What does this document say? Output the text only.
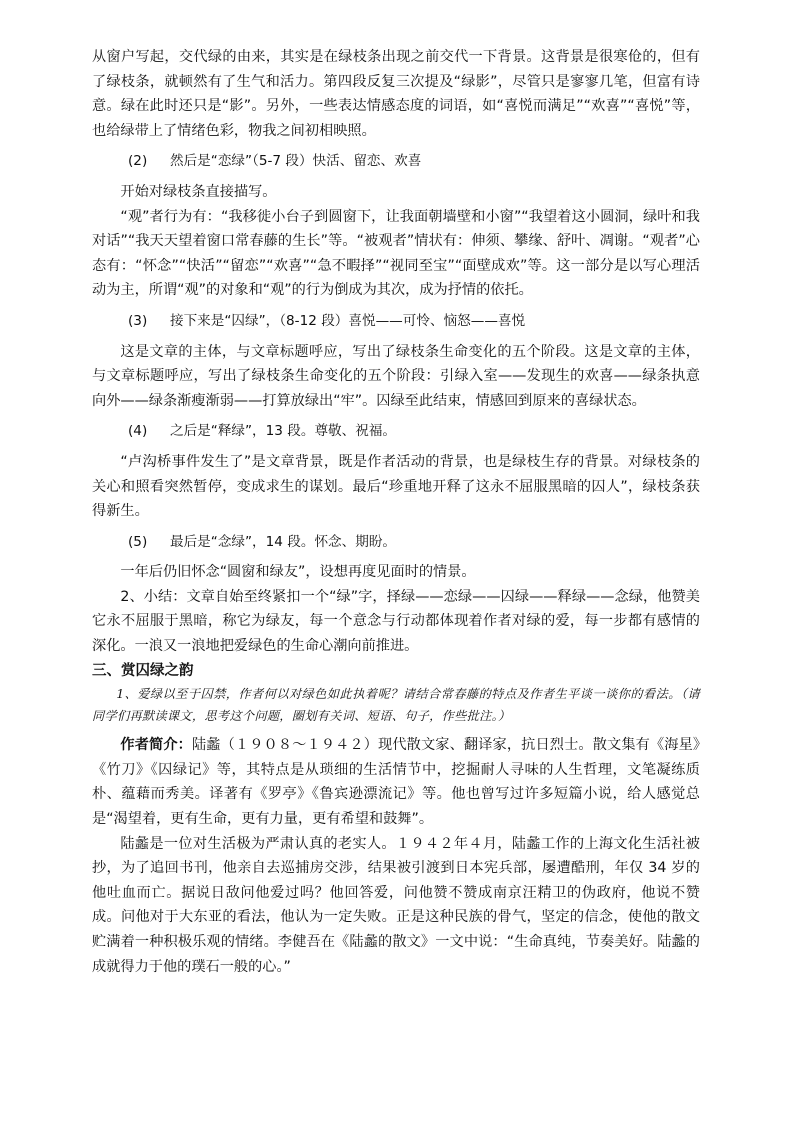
从窗户写起，交代绿的由来，其实是在绿枝条出现之前交代一下背景。这背景是很寒伧的，但有了绿枝条，就顿然有了生气和活力。第四段反复三次提及“绿影”，尽管只是寥寥几笔，但富有诗意。绿在此时还只是“影”。另外，一些表达情感态度的词语，如“喜悦而满足”“欢喜”“喜悦”等，也给绿带上了情绪色彩，物我之间初相映照。

(2) 然后是“恋绿”（5-7 段）快活、留恋、欢喜

开始对绿枝条直接描写。

“观”者行为有：“我移徙小台子到圆窗下，让我面朝墙壁和小窗”“我望着这小圆洞，绿叶和我对话”“我天天望着窗口常春藤的生长”等。“被观者”情状有：伸须、攀缘、舒叶、凋谢。“观者”心态有：“怀念”“快活”“留恋”“欢喜”“急不暇择”“视同至宝”“面壁成欢”等。这一部分是以写心理活动为主，所谓“观”的对象和“观”的行为倒成为其次，成为抒情的依托。

(3) 接下来是“囚绿”，（8-12 段）喜悦——可怜、恼怒——喜悦

这是文章的主体，与文章标题呼应，写出了绿枝条生命变化的五个阶段。这是文章的主体，与文章标题呼应，写出了绿枝条生命变化的五个阶段：引绿入室——发现生的欢喜——绿条执意向外——绿条渐瘦渐弱——打算放绿出“牢”。囚绿至此结束，情感回到原来的喜绿状态。

(4) 之后是“释绿”，13 段。尊敬、祝福。

“卢沟桥事件发生了”是文章背景，既是作者活动的背景，也是绿枝生存的背景。对绿枝条的关心和照看突然暂停，变成求生的谋划。最后“珍重地开释了这永不屈服黑暗的囚人”，绿枝条获得新生。

(5) 最后是“念绿”，14 段。怀念、期盼。

一年后仍旧怀念“圆窗和绿友”，设想再度见面时的情景。

2、小结：文章自始至终紧扣一个“绿”字，择绿——恋绿——囚绿——释绿——念绿，他赞美它永不屈服于黑暗，称它为绿友，每一个意念与行动都体现着作者对绿的爱，每一步都有感情的深化。一浪又一浪地把爱绿色的生命心潮向前推进。

三、赏囚绿之韵

1、爱绿以至于囚禁，作者何以对绿色如此执着呢？请结合常春藤的特点及作者生平谈一谈你的看法。（请同学们再默读课文，思考这个问题，圈划有关词、短语、句子，作些批注。）

作者简介：陆蠡（１９０８～１９４２）现代散文家、翻译家，抗日烈士。散文集有《海星》《竹刀》《囚绿记》等，其特点是从琐细的生活情节中，挖掘耐人寻味的人生哲理，文笔凝练质朴、蕴藉而秀美。译著有《罗亭》《鲁宾逊漂流记》等。他也曾写过许多短篇小说，给人感觉总是“渴望着，更有生命，更有力量，更有希望和鼓舞”。

陆蠡是一位对生活极为严肃认真的老实人。１９４２年４月，陆蠡工作的上海文化生活社被抄，为了追回书刊，他亲自去巡捕房交涉，结果被引渡到日本宪兵部，屡遭酷刑，年仅 34 岁的他吐血而亡。据说日敌问他爱过吗？他回答爱，问他赞不赞成南京汪精卫的伪政府，他说不赞成。问他对于大东亚的看法，他认为一定失败。正是这种民族的骨气，坚定的信念，使他的散文贮满着一种积极乐观的情绪。李健吾在《陆蠡的散文》一文中说：“生命真纯，节奏美好。陆蠡的成就得力于他的璞石一般的心。”
